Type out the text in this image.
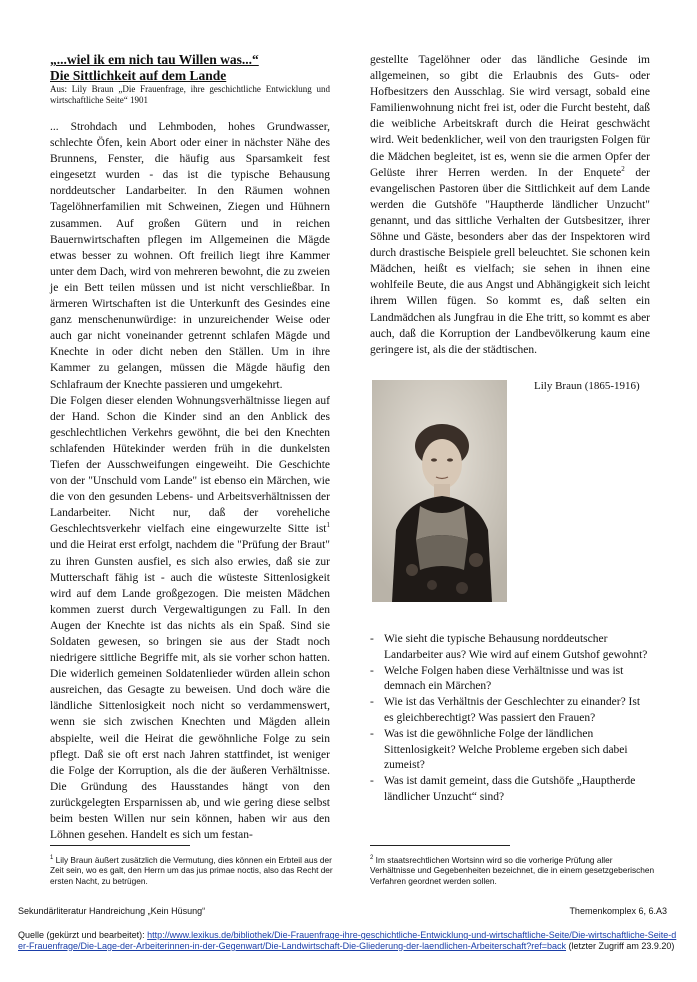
„...wiel ik em nich tau Willen was...“

Die Sittlichkeit auf dem Lande

Aus: Lily Braun „Die Frauenfrage, ihre geschichtliche Entwicklung und wirtschaftliche Seite“ 1901

... Strohdach und Lehmboden, hohes Grundwasser, schlechte Öfen, kein Abort oder einer in nächster Nähe des Brunnens, Fenster, die häufig aus Sparsamkeit fest eingesetzt wurden - das ist die typische Behausung norddeutscher Landarbeiter. In den Räumen wohnen Tagelöhnerfamilien mit Schweinen, Ziegen und Hühnern zusammen. Auf großen Gütern und in reichen Bauernwirtschaften pflegen im Allgemeinen die Mägde etwas besser zu wohnen. Oft freilich liegt ihre Kammer unter dem Dach, wird von mehreren bewohnt, die zu zweien je ein Bett teilen müssen und ist nicht verschließbar. In ärmeren Wirtschaften ist die Unterkunft des Gesindes eine ganz menschenunwürdige: in unzureichender Weise oder auch gar nicht voneinander getrennt schlafen Mägde und Knechte in oder dicht neben den Ställen. Um in ihre Kammer zu gelangen, müssen die Mägde häufig den Schlafraum der Knechte passieren und umgekehrt.

Die Folgen dieser elenden Wohnungsverhältnisse liegen auf der Hand. Schon die Kinder sind an den Anblick des geschlechtlichen Verkehrs gewöhnt, die bei den Knechten schlafenden Hütekinder werden früh in die dunkelsten Tiefen der Ausschweifungen eingeweiht. Die Geschichte von der "Unschuld vom Lande" ist ebenso ein Märchen, wie die von den gesunden Lebens- und Arbeitsverhältnissen der Landarbeiter. Nicht nur, daß der voreheliche Geschlechtsverkehr vielfach eine eingewurzelte Sitte ist$^1$ und die Heirat erst erfolgt, nachdem die "Prüfung der Braut" zu ihren Gunsten ausfiel, es sich also erwies, daß sie zur Mutterschaft fähig ist - auch die wüsteste Sittenlosigkeit wird auf dem Lande großgezogen. Die meisten Mädchen kommen zuerst durch Vergewaltigungen zu Fall. In den Augen der Knechte ist das nichts als ein Spaß. Sind sie Soldaten gewesen, so bringen sie aus der Stadt noch niedrigere sittliche Begriffe mit, als sie vorher schon hatten. Die widerlich gemeinen Soldatenlieder würden allein schon ausreichen, das Gesagte zu beweisen. Und doch wäre die ländliche Sittenlosigkeit noch nicht so verdammenswert, wenn sie sich zwischen Knechten und Mägden allein abspielte, weil die Heirat die gewöhnliche Folge zu sein pflegt. Daß sie oft erst nach Jahren stattfindet, ist weniger die Folge der Korruption, als die der äußeren Verhältnisse. Die Gründung des Hausstandes hängt von den zurückgelegten Ersparnissen ab, und wie gering diese selbst beim besten Willen nur sein können, haben wir aus den Löhnen gesehen. Handelt es sich um festan-

gestellte Tagelöhner oder das ländliche Gesinde im allgemeinen, so gibt die Erlaubnis des Guts- oder Hofbesitzers den Ausschlag. Sie wird versagt, sobald eine Familienwohnung nicht frei ist, oder die Furcht besteht, daß die weibliche Arbeitskraft durch die Heirat geschwächt wird. Weit bedenklicher, weil von den traurigsten Folgen für die Mädchen begleitet, ist es, wenn sie die armen Opfer der Gelüste ihrer Herren werden. In der Enquete$^2$ der evangelischen Pastoren über die Sittlichkeit auf dem Lande werden die Gutshöfe "Hauptherde ländlicher Unzucht" genannt, und das sittliche Verhalten der Gutsbesitzer, ihrer Söhne und Gäste, besonders aber das der Inspektoren wird durch drastische Beispiele grell beleuchtet. Sie schonen kein Mädchen, heißt es vielfach; sie sehen in ihnen eine wohlfeile Beute, die aus Angst und Abhängigkeit sich leicht ihrem Willen fügen. So kommt es, daß selten ein Landmädchen als Jungfrau in die Ehe tritt, so kommt es aber auch, daß die Korruption der Landbevölkerung kaum eine geringere ist, als die der städtischen.

Lily Braun (1865-1916)
- Wie sieht die typische Behausung norddeutscher Landarbeiter aus? Wie wird auf einem Gutshof gewohnt?
- Welche Folgen haben diese Verhältnisse und was ist demnach ein Märchen?
- Wie ist das Verhältnis der Geschlechter zu einander? Ist es gleichberechtigt? Was passiert den Frauen?
- Was ist die gewöhnliche Folge der ländlichen Sittenlosigkeit? Welche Probleme ergeben sich dabei zumeist?
- Was ist damit gemeint, dass die Gutshöfe „Hauptherde ländlicher Unzucht“ sind?
$^1$ Lily Braun äußert zusätzlich die Vermutung, dies können ein Erbteil aus der Zeit sein, wo es galt, den Herrn um das jus primae noctis, also das Recht der ersten Nacht, zu betrügen.
$^2$ Im staatsrechtlichen Wortsinn wird so die vorherige Prüfung aller Verhältnisse und Gegebenheiten bezeichnet, die in einem gesetzgeberischen Verfahren geordnet werden sollen.
Sekundärliteratur Handreichung „Kein Hüsung“	Themenkomplex 6, 6.A3
Quelle (gekürzt und bearbeitet): http://www.lexikus.de/bibliothek/Die-Frauenfrage-ihre-geschichtliche-Entwicklung-und-wirtschaftliche-Seite/Die-wirtschaftliche-Seite-der-Frauenfrage/Die-Lage-der-Arbeiterinnen-in-der-Gegenwart/Die-Landwirtschaft-Die-Gliederung-der-laendlichen-Arbeiterschaft?ref=back (letzter Zugriff am 23.9.20)
